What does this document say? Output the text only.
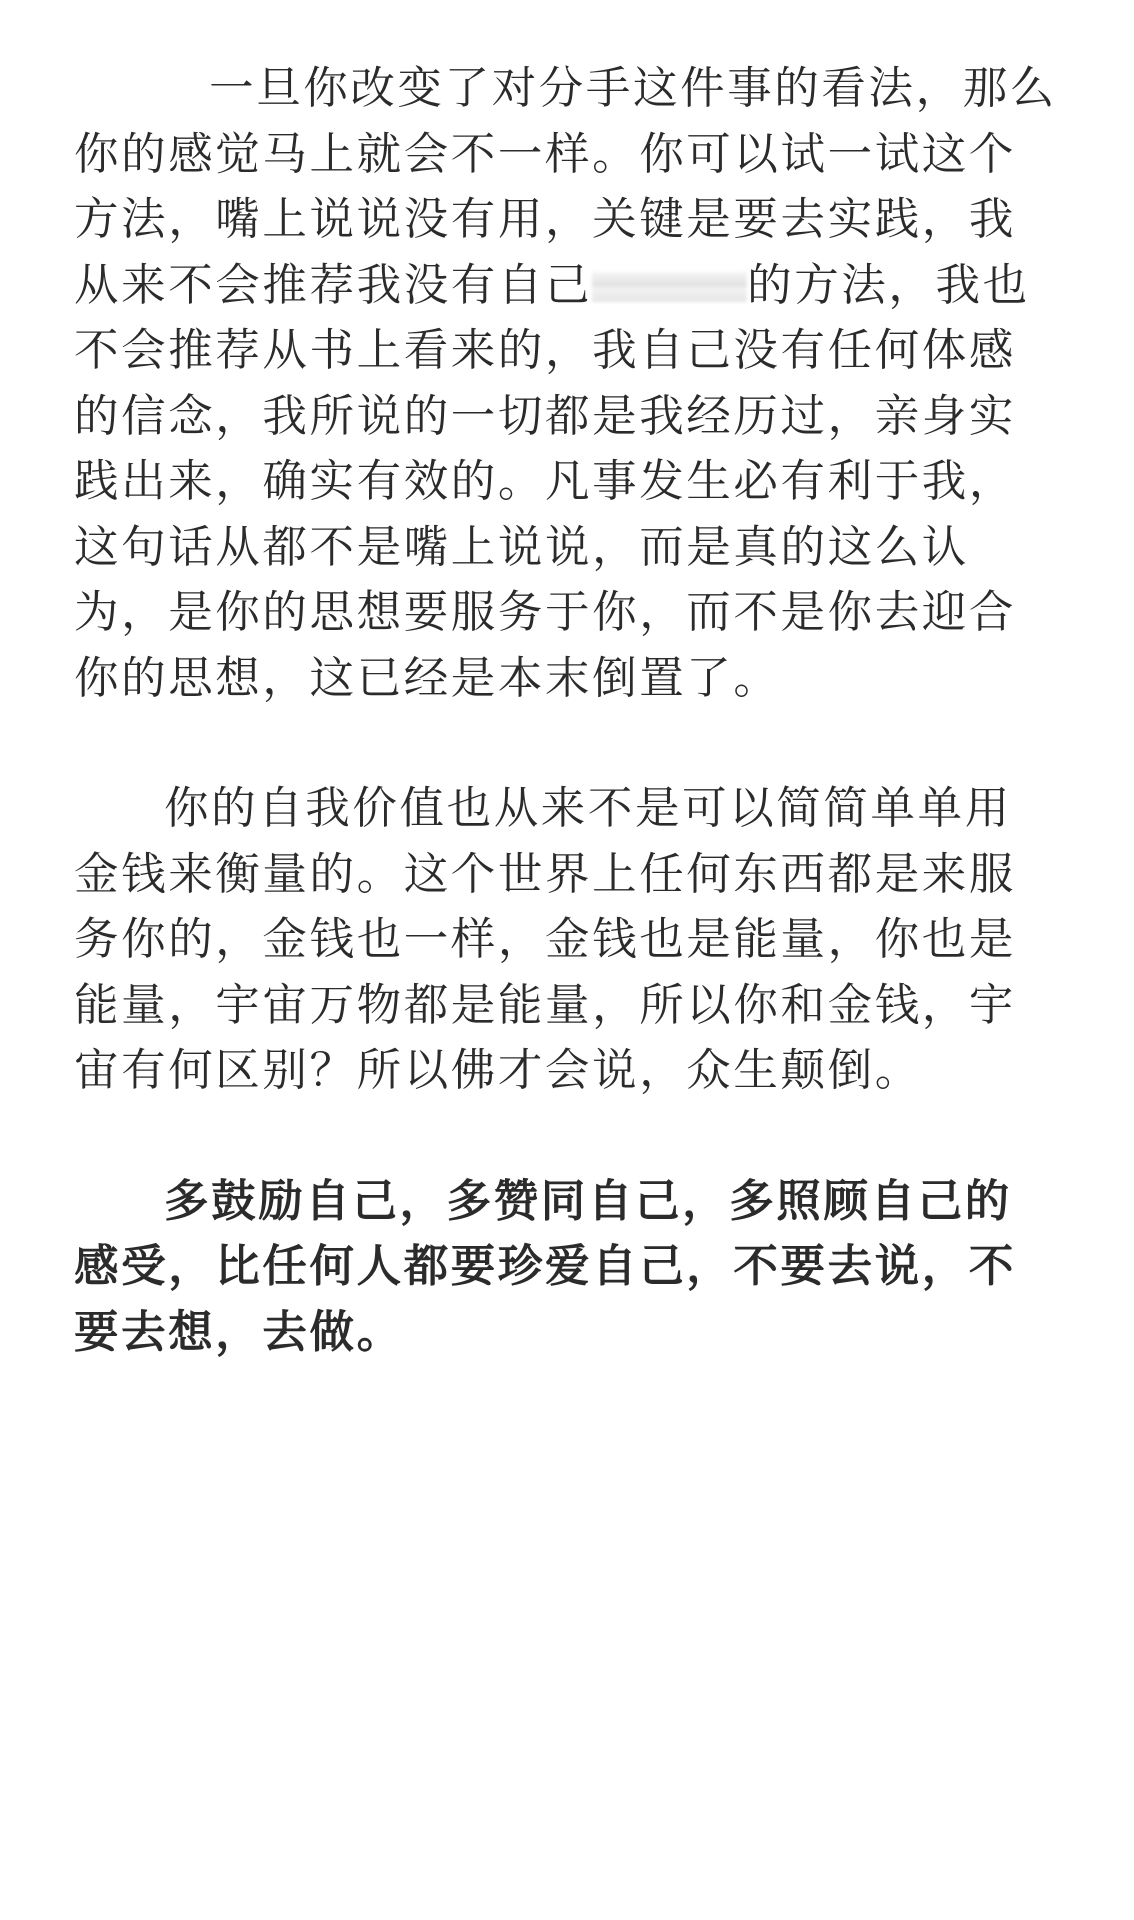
　一旦你改变了对分手这件事的看法，那么
你的感觉马上就会不一样。你可以试一试这个
方法，嘴上说说没有用，关键是要去实践，我
从来不会推荐我没有自己	的方法，我也
不会推荐从书上看来的，我自己没有任何体感
的信念，我所说的一切都是我经历过，亲身实
践出来，确实有效的。凡事发生必有利于我，
这句话从都不是嘴上说说，而是真的这么认
为，是你的思想要服务于你，而不是你去迎合
你的思想，这已经是本末倒置了。

你的自我价值也从来不是可以简简单单用
金钱来衡量的。这个世界上任何东西都是来服
务你的，金钱也一样，金钱也是能量，你也是
能量，宇宙万物都是能量，所以你和金钱，宇
宙有何区别？所以佛才会说，众生颠倒。

多鼓励自己，多赞同自己，多照顾自己的
感受，比任何人都要珍爱自己，不要去说，不
要去想，去做。
